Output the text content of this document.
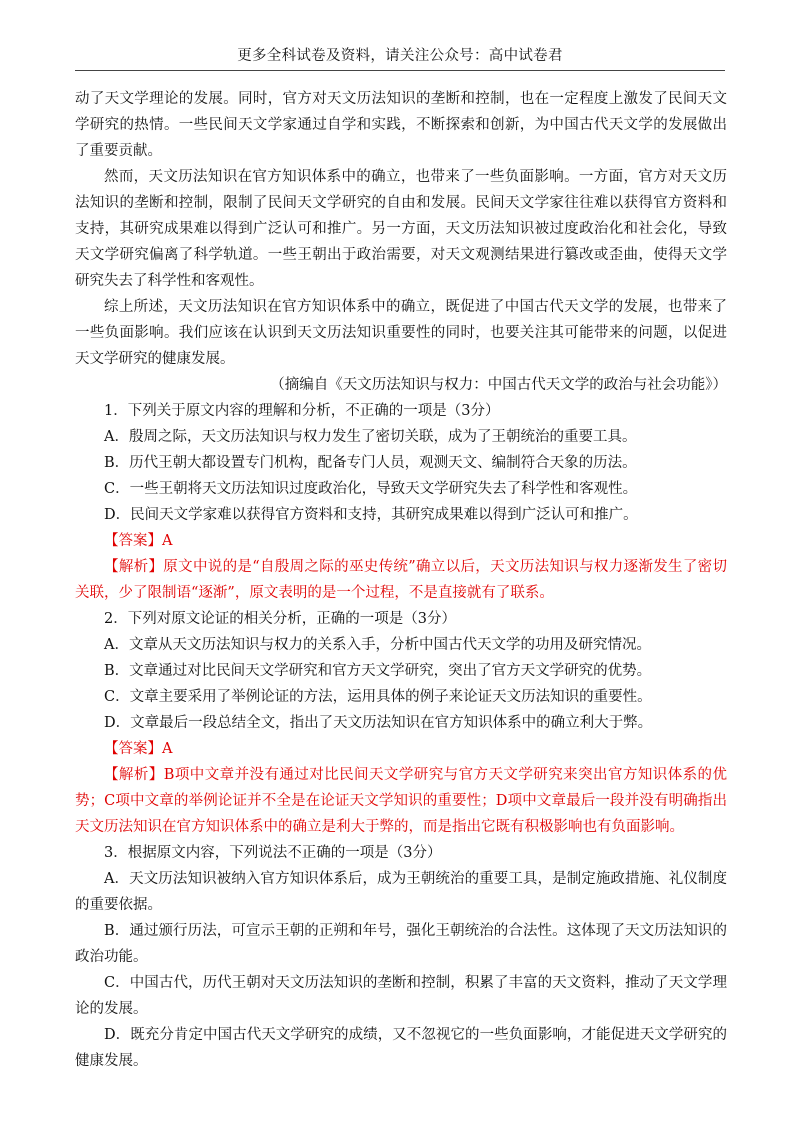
更多全科试卷及资料，请关注公众号：高中试卷君

动了天文学理论的发展。同时，官方对天文历法知识的垄断和控制，也在一定程度上激发了民间天文学研究的热情。一些民间天文学家通过自学和实践，不断探索和创新，为中国古代天文学的发展做出了重要贡献。

然而，天文历法知识在官方知识体系中的确立，也带来了一些负面影响。一方面，官方对天文历法知识的垄断和控制，限制了民间天文学研究的自由和发展。民间天文学家往往难以获得官方资料和支持，其研究成果难以得到广泛认可和推广。另一方面，天文历法知识被过度政治化和社会化，导致天文学研究偏离了科学轨道。一些王朝出于政治需要，对天文观测结果进行篡改或歪曲，使得天文学研究失去了科学性和客观性。

综上所述，天文历法知识在官方知识体系中的确立，既促进了中国古代天文学的发展，也带来了一些负面影响。我们应该在认识到天文历法知识重要性的同时，也要关注其可能带来的问题，以促进天文学研究的健康发展。

（摘编自《天文历法知识与权力：中国古代天文学的政治与社会功能》）

1．下列关于原文内容的理解和分析，不正确的一项是（3分）

A．殷周之际，天文历法知识与权力发生了密切关联，成为了王朝统治的重要工具。

B．历代王朝大都设置专门机构，配备专门人员，观测天文、编制符合天象的历法。

C．一些王朝将天文历法知识过度政治化，导致天文学研究失去了科学性和客观性。

D．民间天文学家难以获得官方资料和支持，其研究成果难以得到广泛认可和推广。

【答案】A

【解析】原文中说的是“自殷周之际的巫史传统”确立以后，天文历法知识与权力逐渐发生了密切关联，少了限制语“逐渐”，原文表明的是一个过程，不是直接就有了联系。

2．下列对原文论证的相关分析，正确的一项是（3分）

A．文章从天文历法知识与权力的关系入手，分析中国古代天文学的功用及研究情况。

B．文章通过对比民间天文学研究和官方天文学研究，突出了官方天文学研究的优势。

C．文章主要采用了举例论证的方法，运用具体的例子来论证天文历法知识的重要性。

D．文章最后一段总结全文，指出了天文历法知识在官方知识体系中的确立利大于弊。

【答案】A

【解析】B项中文章并没有通过对比民间天文学研究与官方天文学研究来突出官方知识体系的优势；C项中文章的举例论证并不全是在论证天文学知识的重要性；D项中文章最后一段并没有明确指出天文历法知识在官方知识体系中的确立是利大于弊的，而是指出它既有积极影响也有负面影响。

3．根据原文内容，下列说法不正确的一项是（3分）

A．天文历法知识被纳入官方知识体系后，成为王朝统治的重要工具，是制定施政措施、礼仪制度的重要依据。

B．通过颁行历法，可宣示王朝的正朔和年号，强化王朝统治的合法性。这体现了天文历法知识的政治功能。

C．中国古代，历代王朝对天文历法知识的垄断和控制，积累了丰富的天文资料，推动了天文学理论的发展。

D．既充分肯定中国古代天文学研究的成绩，又不忽视它的一些负面影响，才能促进天文学研究的健康发展。
